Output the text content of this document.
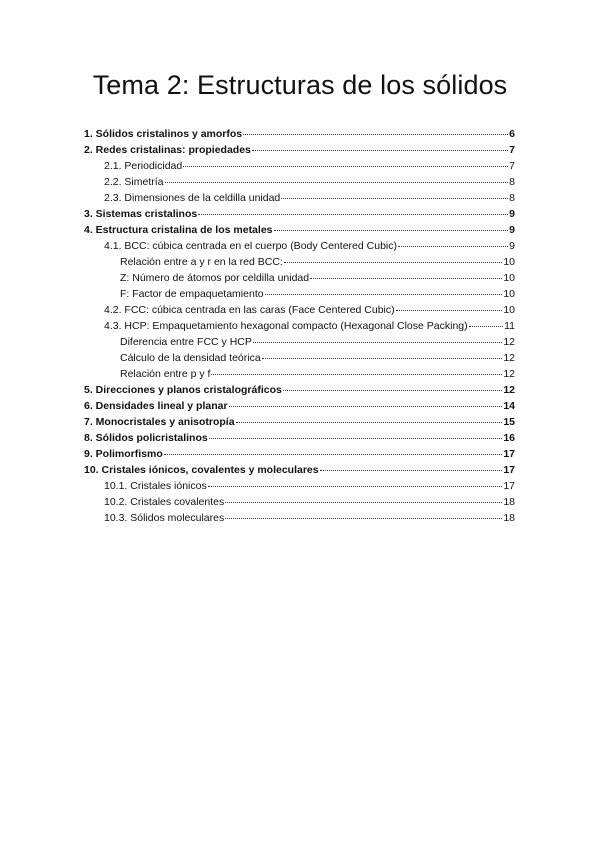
Tema 2: Estructuras de los sólidos
1. Sólidos cristalinos y amorfos	6
2. Redes cristalinas: propiedades	7
2.1. Periodicidad	7
2.2. Simetría	8
2.3. Dimensiones de la celdilla unidad	8
3. Sistemas cristalinos	9
4. Estructura cristalina de los metales	9
4.1. BCC: cúbica centrada en el cuerpo (Body Centered Cubic)	9
Relación entre a y r en la red BCC:	10
Z: Número de átomos por celdilla unidad	10
F: Factor de empaquetamiento	10
4.2. FCC: cúbica centrada en las caras (Face Centered Cubic)	10
4.3. HCP: Empaquetamiento hexagonal compacto (Hexagonal Close Packing)	11
Diferencia entre FCC y HCP	12
Cálculo de la densidad teórica	12
Relación entre p y f	12
5. Direcciones y planos cristalográficos	12
6. Densidades lineal y planar	14
7. Monocristales y anisotropía	15
8. Sólidos policristalinos	16
9. Polimorfismo	17
10. Cristales iónicos, covalentes y moleculares	17
10.1. Cristales iónicos	17
10.2. Cristales covalentes	18
10.3. Sólidos moleculares	18
